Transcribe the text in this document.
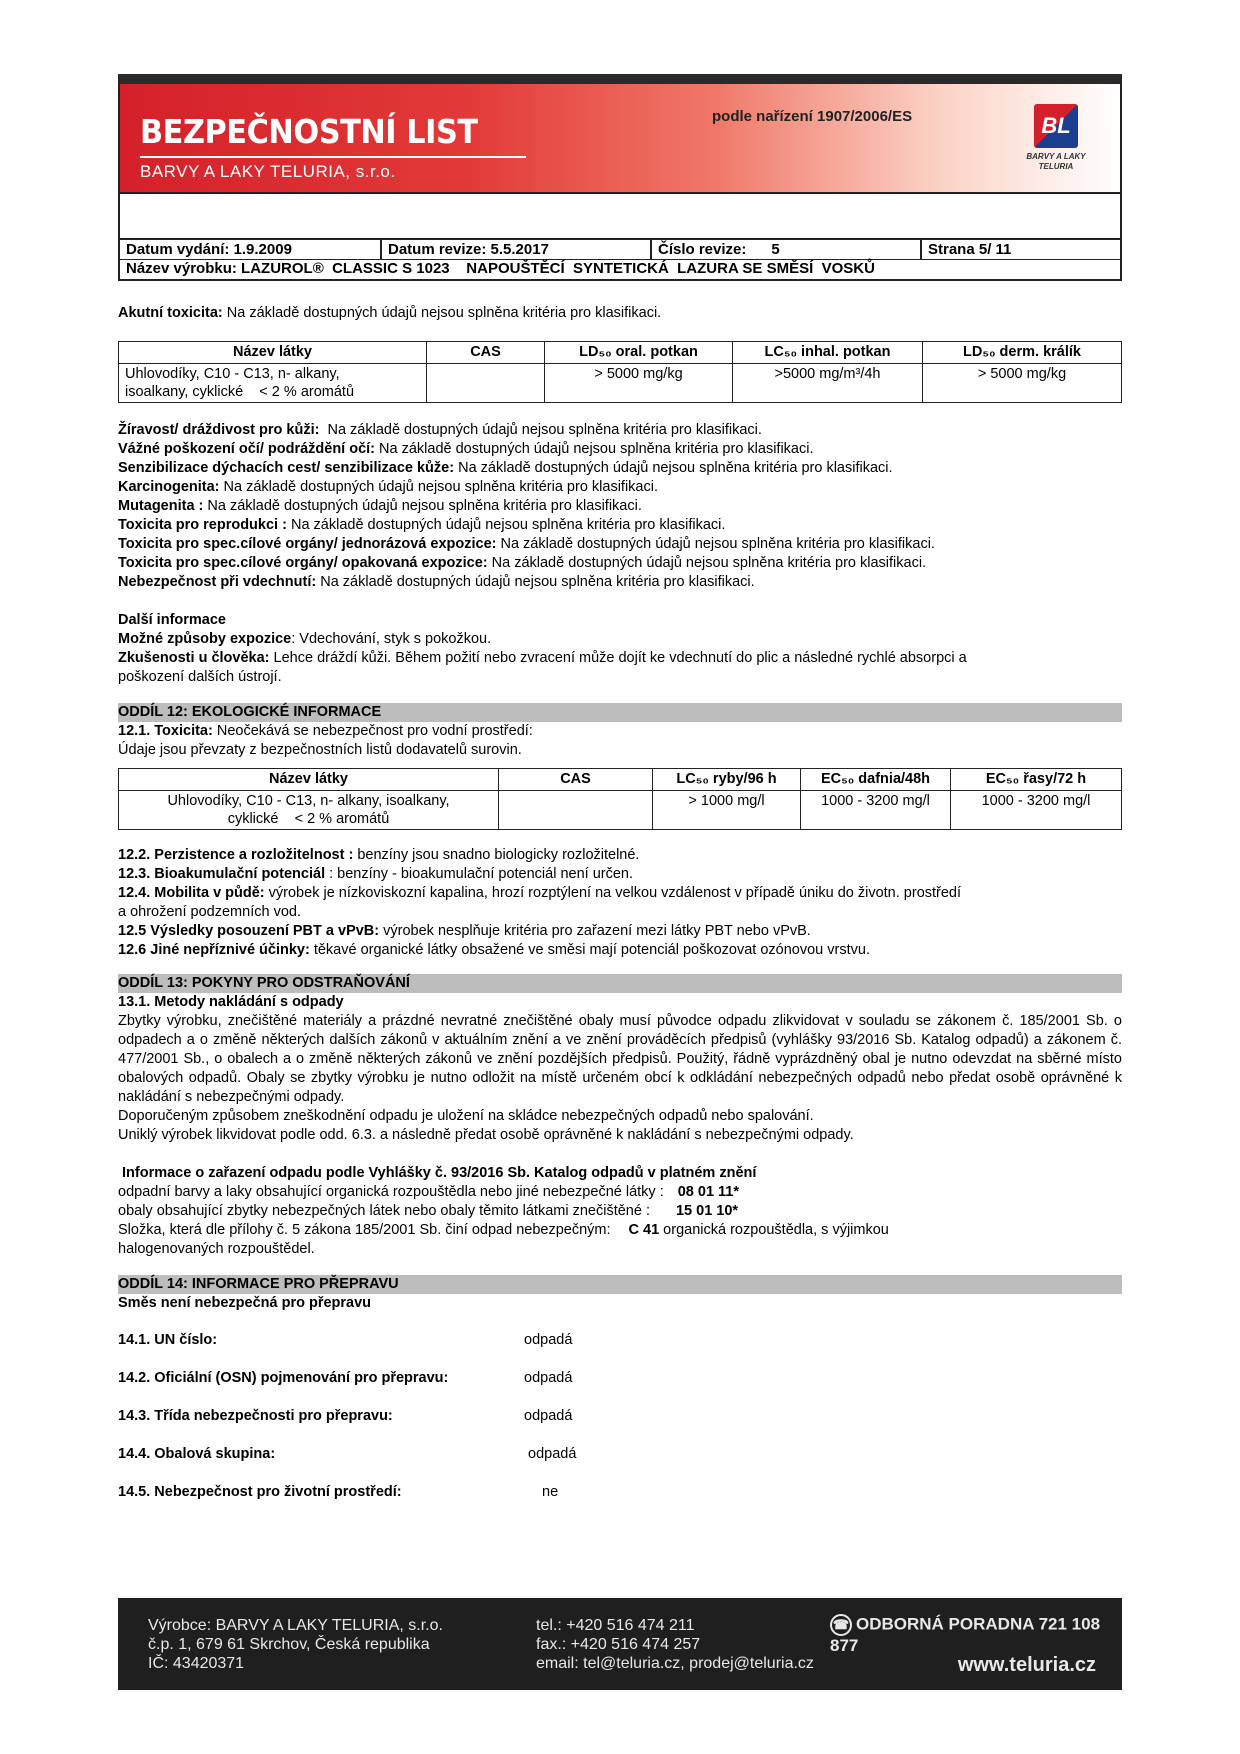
BEZPEČNOSTNÍ LIST
BARVY A LAKY TELURIA, s.r.o.
podle nařízení 1907/2006/ES	BL
BARVY A LAKY
TELURIA
Datum vydání: 1.9.2009	Datum revize: 5.5.2017	Číslo revize:      5	Strana 5/ 11
Název výrobku: LAZUROL®  CLASSIC S 1023    NAPOUŠTĚCÍ  SYNTETICKÁ  LAZURA SE SMĚSÍ  VOSKŮ
Akutní toxicita: Na základě dostupných údajů nejsou splněna kritéria pro klasifikaci.
Název látky	CAS	LD₅₀ oral. potkan	LC₅₀ inhal. potkan	LD₅₀ derm. králík
Uhlovodíky, C10 - C13, n- alkany,
isoalkany, cyklické    < 2 % aromátů		> 5000 mg/kg	>5000 mg/m³/4h	> 5000 mg/kg
Žíravost/ dráždivost pro kůži:  Na základě dostupných údajů nejsou splněna kritéria pro klasifikaci.
Vážné poškození očí/ podráždění očí: Na základě dostupných údajů nejsou splněna kritéria pro klasifikaci.
Senzibilizace dýchacích cest/ senzibilizace kůže: Na základě dostupných údajů nejsou splněna kritéria pro klasifikaci.
Karcinogenita: Na základě dostupných údajů nejsou splněna kritéria pro klasifikaci.
Mutagenita : Na základě dostupných údajů nejsou splněna kritéria pro klasifikaci.
Toxicita pro reprodukci : Na základě dostupných údajů nejsou splněna kritéria pro klasifikaci.
Toxicita pro spec.cílové orgány/ jednorázová expozice: Na základě dostupných údajů nejsou splněna kritéria pro klasifikaci.
Toxicita pro spec.cílové orgány/ opakovaná expozice: Na základě dostupných údajů nejsou splněna kritéria pro klasifikaci.
Nebezpečnost při vdechnutí: Na základě dostupných údajů nejsou splněna kritéria pro klasifikaci.
Další informace
Možné způsoby expozice: Vdechování, styk s pokožkou.
Zkušenosti u člověka: Lehce dráždí kůži. Během požití nebo zvracení může dojít ke vdechnutí do plic a následné rychlé absorpci a
poškození dalších ústrojí.
ODDÍL 12: EKOLOGICKÉ INFORMACE
12.1. Toxicita: Neočekává se nebezpečnost pro vodní prostředí:
Údaje jsou převzaty z bezpečnostních listů dodavatelů surovin.
Název látky	CAS	LC₅₀ ryby/96 h	EC₅₀ dafnia/48h	EC₅₀ řasy/72 h
Uhlovodíky, C10 - C13, n- alkany, isoalkany,
cyklické    < 2 % aromátů		> 1000 mg/l	1000 - 3200 mg/l	1000 - 3200 mg/l
12.2. Perzistence a rozložitelnost : benzíny jsou snadno biologicky rozložitelné.
12.3. Bioakumulační potenciál : benzíny - bioakumulační potenciál není určen.
12.4. Mobilita v půdě: výrobek je nízkoviskozní kapalina, hrozí rozptýlení na velkou vzdálenost v případě úniku do životn. prostředí
a ohrožení podzemních vod.
12.5 Výsledky posouzení PBT a vPvB: výrobek nesplňuje kritéria pro zařazení mezi látky PBT nebo vPvB.
12.6 Jiné nepříznivé účinky: těkavé organické látky obsažené ve směsi mají potenciál poškozovat ozónovou vrstvu.
ODDÍL 13: POKYNY PRO ODSTRAŇOVÁNÍ
13.1. Metody nakládání s odpady
Zbytky výrobku, znečištěné materiály a prázdné nevratné znečištěné obaly musí původce odpadu zlikvidovat v souladu se zákonem č. 185/2001 Sb. o odpadech a o změně některých dalších zákonů v aktuálním znění a ve znění prováděcích předpisů (vyhlášky 93/2016 Sb. Katalog odpadů) a zákonem č. 477/2001 Sb., o obalech a o změně některých zákonů ve znění pozdějších předpisů. Použitý, řádně vyprázdněný obal je nutno odevzdat na sběrné místo obalových odpadů. Obaly se zbytky výrobku je nutno odložit na místě určeném obcí k odkládání nebezpečných odpadů nebo předat osobě oprávněné k nakládání s nebezpečnými odpady.
Doporučeným způsobem zneškodnění odpadu je uložení na skládce nebezpečných odpadů nebo spalování.
Uniklý výrobek likvidovat podle odd. 6.3. a následně předat osobě oprávněné k nakládání s nebezpečnými odpady.
Informace o zařazení odpadu podle Vyhlášky č. 93/2016 Sb. Katalog odpadů v platném znění
odpadní barvy a laky obsahující organická rozpouštědla nebo jiné nebezpečné látky : 08 01 11*
obaly obsahující zbytky nebezpečných látek nebo obaly těmito látkami znečištěné : 15 01 10*
Složka, která dle přílohy č. 5 zákona 185/2001 Sb. činí odpad nebezpečným: C 41 organická rozpouštědla, s výjimkou
halogenovaných rozpouštědel.
ODDÍL 14: INFORMACE PRO PŘEPRAVU
Směs není nebezpečná pro přepravu
14.1. UN číslo:	odpadá
14.2. Oficiální (OSN) pojmenování pro přepravu:	odpadá
14.3. Třída nebezpečnosti pro přepravu:	odpadá
14.4. Obalová skupina:	odpadá
14.5. Nebezpečnost pro životní prostředí:	ne
Výrobce: BARVY A LAKY TELURIA, s.r.o.
č.p. 1, 679 61 Skrchov, Česká republika
IČ: 43420371
tel.: +420 516 474 211
fax.: +420 516 474 257
email: tel@teluria.cz, prodej@teluria.cz
☎ ODBORNÁ PORADNA 721 108 877
www.teluria.cz
